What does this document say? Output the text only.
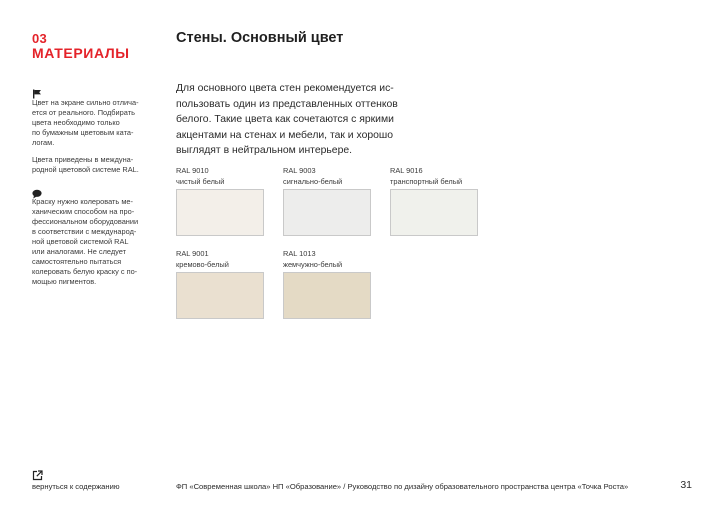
03
МАТЕРИАЛЫ
Стены. Основный цвет

Цвет на экране сильно отлича-
ется от реального. Подбирать
цвета необходимо только
по бумажным цветовым ката-
логам.

Цвета приведены в междуна-
родной цветовой системе RAL.

Краску нужно колеровать ме-
ханическим способом на про-
фессиональном оборудовании
в соответствии с международ-
ной цветовой системой RAL
или аналогами. Не следует
самостоятельно пытаться
колеровать белую краску с по-
мощью пигментов.

Для основного цвета стен рекомендуется ис-
пользовать один из представленных оттенков
белого. Такие цвета как сочетаются с яркими
акцентами на стенах и мебели, так и хорошо
выглядят в нейтральном интерьере.

RAL 9010
чистый белый
RAL 9003
сигнально-белый
RAL 9016
транспортный белый
RAL 9001
кремово-белый
RAL 1013
жемчужно-белый
вернуться к содержанию	ФП «Современная школа» НП «Образование» / Руководство по дизайну образовательного пространства центра «Точка Роста»	31
